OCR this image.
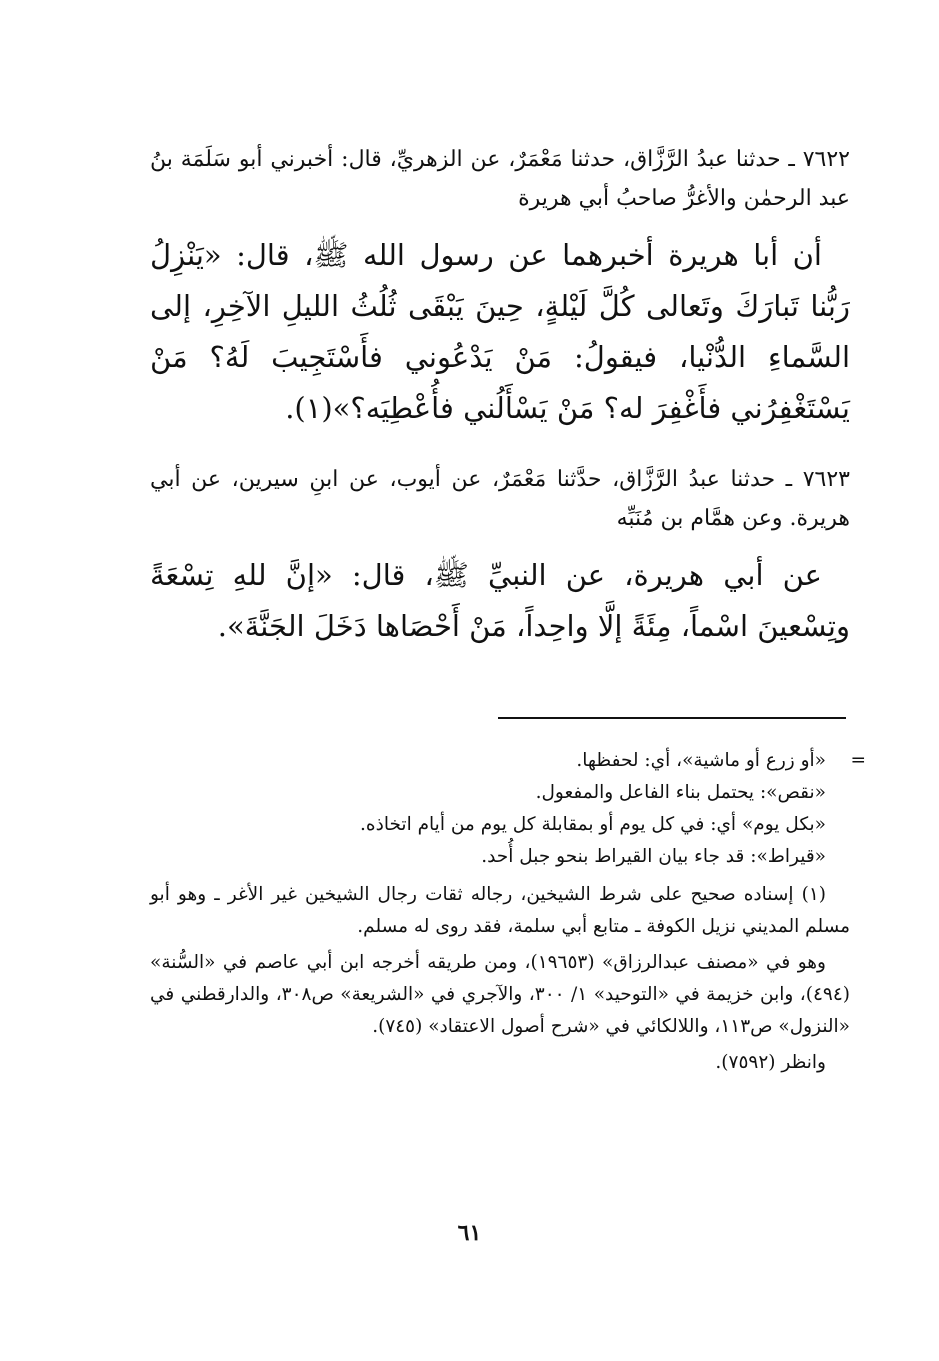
٧٦٢٢ ـ حدثنا عبدُ الرَّزَّاق، حدثنا مَعْمَرٌ، عن الزهريِّ، قال: أخبرني أبو سَلَمَة بنُ عبد الرحمٰن والأغرُّ صاحبُ أبي هريرة

أن أبا هريرة أخبرهما عن رسول الله ﷺ، قال: «يَنْزِلُ رَبُّنا تَبارَكَ وتَعالى كُلَّ لَيْلةٍ، حِينَ يَبْقَى ثُلُثُ الليلِ الآخِرِ، إلى السَّماءِ الدُّنْيا، فيقولُ: مَنْ يَدْعُوني فأَسْتَجِيبَ لَهُ؟ مَنْ يَسْتَغْفِرُني فأَغْفِرَ له؟ مَنْ يَسْأَلُني فأُعْطِيَه؟»(١).

٧٦٢٣ ـ حدثنا عبدُ الرَّزَّاق، حدَّثنا مَعْمَرٌ، عن أيوب، عن ابنِ سيرين، عن أبي هريرة. وعن همَّام بن مُنَبِّه

عن أبي هريرة، عن النبيِّ ﷺ، قال: «إنَّ للهِ تِسْعَةً وتِسْعينَ اسْماً، مِئَةً إلَّا واحِداً، مَنْ أَحْصَاها دَخَلَ الجَنَّةَ».

=

«أو زرع أو ماشية»، أي: لحفظها.

«نقص»: يحتمل بناء الفاعل والمفعول.

«بكل يوم» أي: في كل يوم أو بمقابلة كل يوم من أيام اتخاذه.

«قيراط»: قد جاء بيان القيراط بنحو جبل أُحد.

(١) إسناده صحيح على شرط الشيخين، رجاله ثقات رجال الشيخين غير الأغر ـ وهو أبو مسلم المديني نزيل الكوفة ـ متابع أبي سلمة، فقد روى له مسلم.

وهو في «مصنف عبدالرزاق» (١٩٦٥٣)، ومن طريقه أخرجه ابن أبي عاصم في «السُّنة» (٤٩٤)، وابن خزيمة في «التوحيد» ١/ ٣٠٠، والآجري في «الشريعة» ص٣٠٨، والدارقطني في «النزول» ص١١٣، واللالكائي في «شرح أصول الاعتقاد» (٧٤٥).

وانظر (٧٥٩٢).

٦١
